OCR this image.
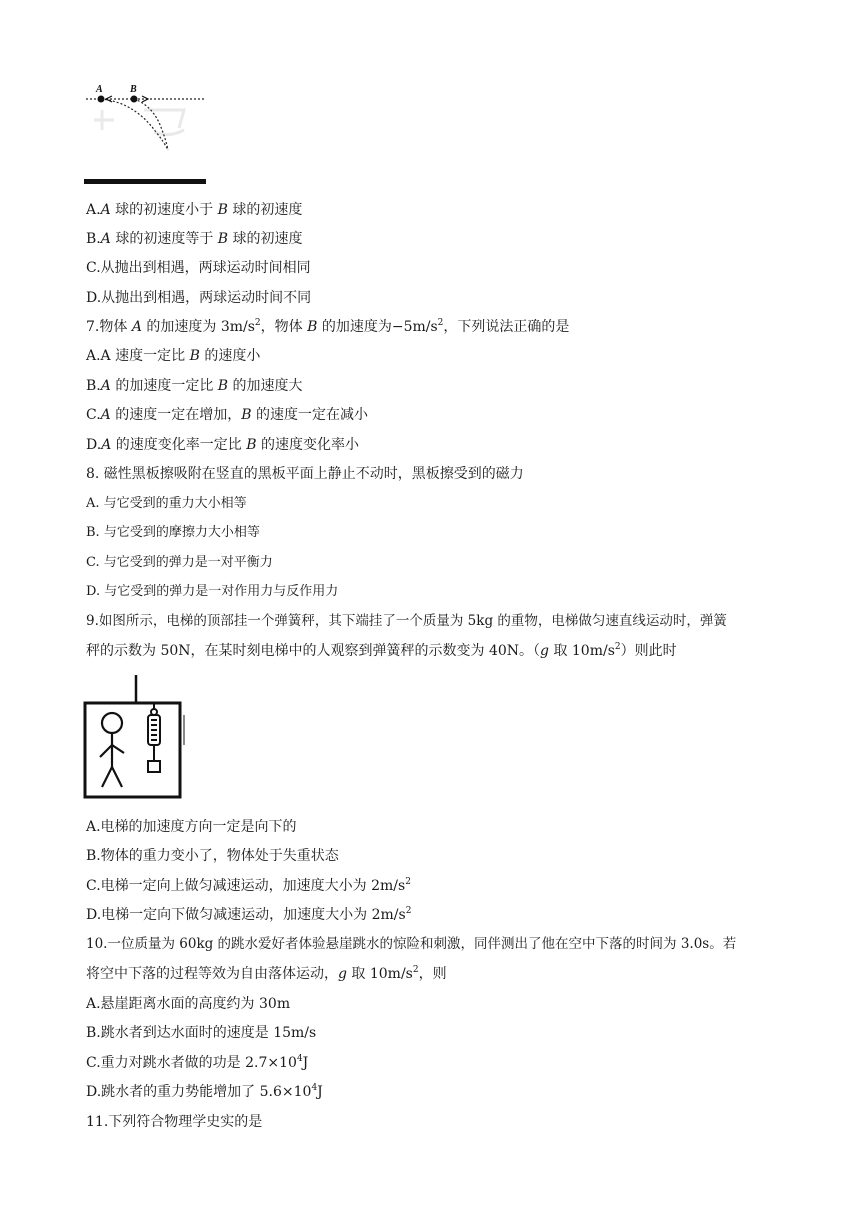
A	B
A.A 球的初速度小于 B 球的初速度
B.A 球的初速度等于 B 球的初速度
C.从抛出到相遇，两球运动时间相同
D.从抛出到相遇，两球运动时间不同
7.物体 A 的加速度为 $3m/s^2$，物体 B 的加速度为$-5m/s^2$，下列说法正确的是
A.A 速度一定比 B 的速度小
B.A 的加速度一定比 B 的加速度大
C.A 的速度一定在增加，B 的速度一定在减小
D.A 的速度变化率一定比 B 的速度变化率小
8. 磁性黑板擦吸附在竖直的黑板平面上静止不动时，黑板擦受到的磁力
A. 与它受到的重力大小相等
B. 与它受到的摩擦力大小相等
C. 与它受到的弹力是一对平衡力
D. 与它受到的弹力是一对作用力与反作用力
9.如图所示，电梯的顶部挂一个弹簧秤，其下端挂了一个质量为 5kg 的重物，电梯做匀速直线运动时，弹簧
秤的示数为 50N，在某时刻电梯中的人观察到弹簧秤的示数变为 40N。（g 取 $10m/s^2$）则此时
A.电梯的加速度方向一定是向下的
B.物体的重力变小了，物体处于失重状态
C.电梯一定向上做匀减速运动，加速度大小为 $2m/s^2$
D.电梯一定向下做匀减速运动，加速度大小为 $2m/s^2$
10.一位质量为 60kg 的跳水爱好者体验悬崖跳水的惊险和刺激，同伴测出了他在空中下落的时间为 3.0s。若
将空中下落的过程等效为自由落体运动，g 取 $10m/s^2$，则
A.悬崖距离水面的高度约为 30m
B.跳水者到达水面时的速度是 15m/s
C.重力对跳水者做的功是 $2.7\times 10^4J$
D.跳水者的重力势能增加了 $5.6\times 10^4J$
11.下列符合物理学史实的是
